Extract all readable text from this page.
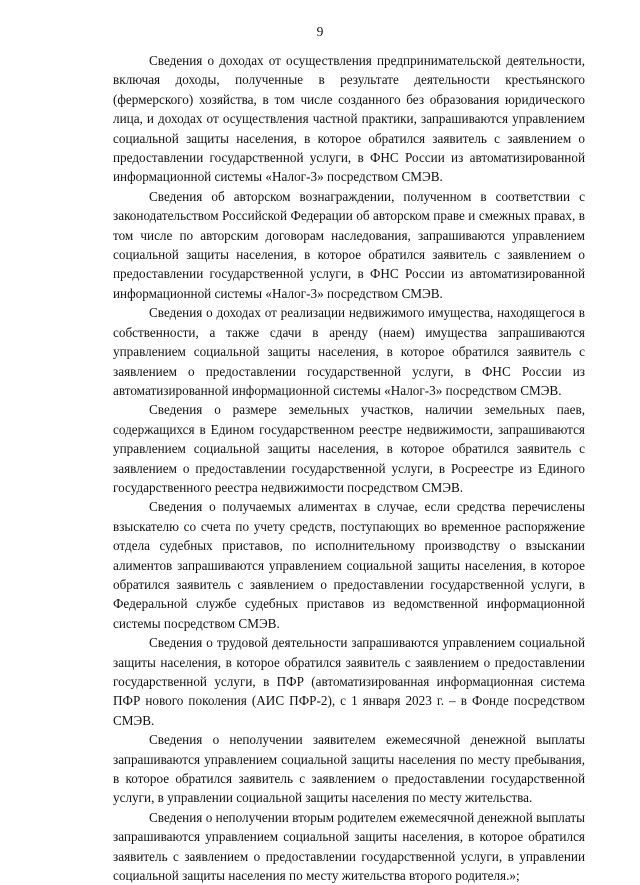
9

Сведения о доходах от осуществления предпринимательской деятельности, включая доходы, полученные в результате деятельности крестьянского (фермерского) хозяйства, в том числе созданного без образования юридического лица, и доходах от осуществления частной практики, запрашиваются управлением социальной защиты населения, в которое обратился заявитель с заявлением о предоставлении государственной услуги, в ФНС России из автоматизированной информационной системы «Налог-3» посредством СМЭВ.

Сведения об авторском вознаграждении, полученном в соответствии с законодательством Российской Федерации об авторском праве и смежных правах, в том числе по авторским договорам наследования, запрашиваются управлением социальной защиты населения, в которое обратился заявитель с заявлением о предоставлении государственной услуги, в ФНС России из автоматизированной информационной системы «Налог-3» посредством СМЭВ.

Сведения о доходах от реализации недвижимого имущества, находящегося в собственности, а также сдачи в аренду (наем) имущества запрашиваются управлением социальной защиты населения, в которое обратился заявитель с заявлением о предоставлении государственной услуги, в ФНС России из автоматизированной информационной системы «Налог-3» посредством СМЭВ.

Сведения о размере земельных участков, наличии земельных паев, содержащихся в Едином государственном реестре недвижимости, запрашиваются управлением социальной защиты населения, в которое обратился заявитель с заявлением о предоставлении государственной услуги, в Росреестре из Единого государственного реестра недвижимости посредством СМЭВ.

Сведения о получаемых алиментах в случае, если средства перечислены взыскателю со счета по учету средств, поступающих во временное распоряжение отдела судебных приставов, по исполнительному производству о взыскании алиментов запрашиваются управлением социальной защиты населения, в которое обратился заявитель с заявлением о предоставлении государственной услуги, в Федеральной службе судебных приставов из ведомственной информационной системы посредством СМЭВ.

Сведения о трудовой деятельности запрашиваются управлением социальной защиты населения, в которое обратился заявитель с заявлением о предоставлении государственной услуги, в ПФР (автоматизированная информационная система ПФР нового поколения (АИС ПФР-2), с 1 января 2023 г. – в Фонде посредством СМЭВ.

Сведения о неполучении заявителем ежемесячной денежной выплаты запрашиваются управлением социальной защиты населения по месту пребывания, в которое обратился заявитель с заявлением о предоставлении государственной услуги, в управлении социальной защиты населения по месту жительства.

Сведения о неполучении вторым родителем ежемесячной денежной выплаты запрашиваются управлением социальной защиты населения, в которое обратился заявитель с заявлением о предоставлении государственной услуги, в управлении социальной защиты населения по месту жительства второго родителя.»;
